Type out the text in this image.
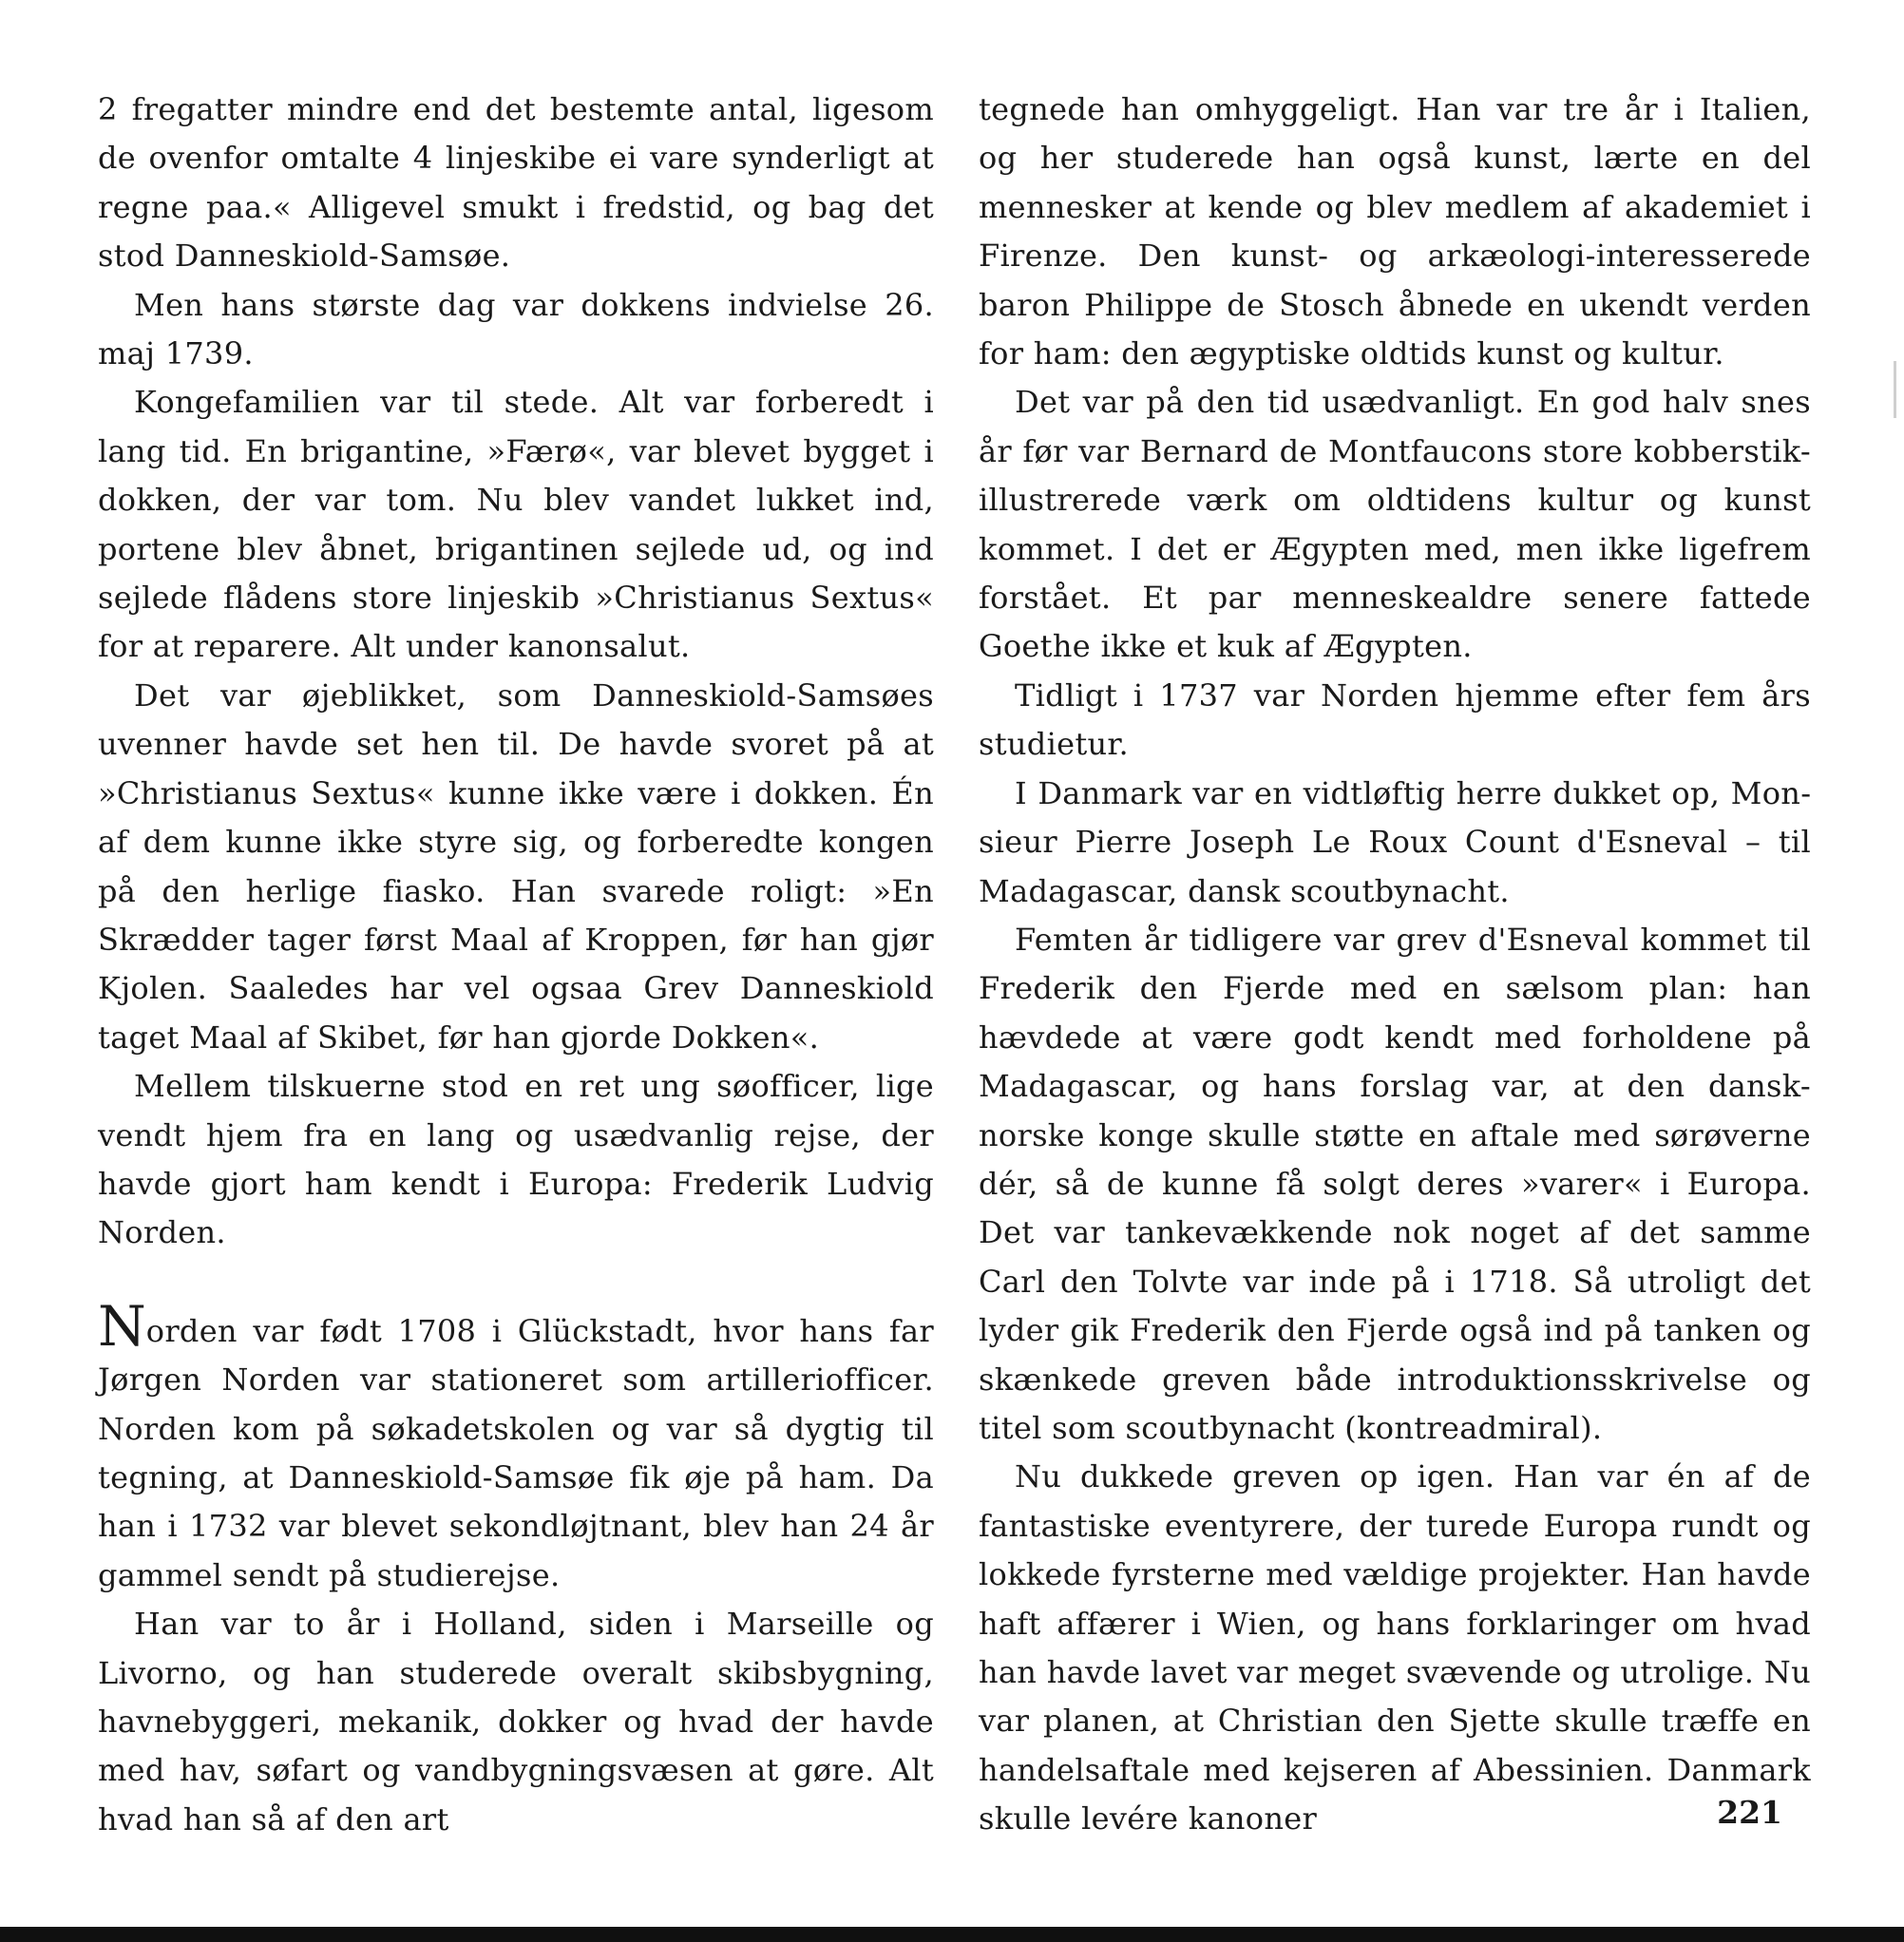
2 fregatter mindre end det bestemte antal, ligesom de ovenfor omtalte 4 linjeskibe ei vare synderligt at regne paa.« Alligevel smukt i fredstid, og bag det stod Danneskiold-Samsøe.

Men hans største dag var dokkens indvielse 26. maj 1739.

Kongefamilien var til stede. Alt var forberedt i lang tid. En brigantine, »Færø«, var blevet bygget i dokken, der var tom. Nu blev vandet lukket ind, portene blev åbnet, brigantinen sejlede ud, og ind sejlede flådens store linjeskib »Christianus Sextus« for at reparere. Alt under kanonsalut.

Det var øjeblikket, som Danneskiold-Samsøes uvenner havde set hen til. De havde svoret på at »Christianus Sextus« kunne ikke være i dokken. Én af dem kunne ikke styre sig, og forberedte kongen på den herlige fiasko. Han svarede roligt: »En Skrædder tager først Maal af Kroppen, før han gjør Kjolen. Saaledes har vel ogsaa Grev Danneskiold taget Maal af Skibet, før han gjorde Dokken«.

Mellem tilskuerne stod en ret ung søofficer, lige vendt hjem fra en lang og usædvanlig rejse, der havde gjort ham kendt i Europa: Frederik Ludvig Norden.

Norden var født 1708 i Glückstadt, hvor hans far Jørgen Norden var stationeret som artilleriofficer. Norden kom på søkadetskolen og var så dygtig til tegning, at Danneskiold-Samsøe fik øje på ham. Da han i 1732 var blevet sekondløjtnant, blev han 24 år gammel sendt på studierejse.

Han var to år i Holland, siden i Marseille og Livorno, og han studerede overalt skibsbygning, havnebyggeri, mekanik, dokker og hvad der havde med hav, søfart og vandbygningsvæsen at gøre. Alt hvad han så af den art

tegnede han omhyggeligt. Han var tre år i Italien, og her studerede han også kunst, lærte en del mennesker at kende og blev medlem af akademiet i Firenze. Den kunst- og arkæologi-interesserede baron Philippe de Stosch åbnede en ukendt verden for ham: den ægyptiske oldtids kunst og kultur.

Det var på den tid usædvanligt. En god halv snes år før var Bernard de Montfaucons store kobberstik-illustrerede værk om oldtidens kultur og kunst kommet. I det er Ægypten med, men ikke ligefrem forstået. Et par menneskealdre senere fattede Goethe ikke et kuk af Ægypten.

Tidligt i 1737 var Norden hjemme efter fem års studietur.

I Danmark var en vidtløftig herre dukket op, Monsieur Pierre Joseph Le Roux Count d'Esneval – til Madagascar, dansk scoutbynacht.

Femten år tidligere var grev d'Esneval kommet til Frederik den Fjerde med en sælsom plan: han hævdede at være godt kendt med forholdene på Madagascar, og hans forslag var, at den dansk-norske konge skulle støtte en aftale med sørøverne dér, så de kunne få solgt deres »varer« i Europa. Det var tankevækkende nok noget af det samme Carl den Tolvte var inde på i 1718. Så utroligt det lyder gik Frederik den Fjerde også ind på tanken og skænkede greven både introduktionsskrivelse og titel som scoutbynacht (kontreadmiral).

Nu dukkede greven op igen. Han var én af de fantastiske eventyrere, der turede Europa rundt og lokkede fyrsterne med vældige projekter. Han havde haft affærer i Wien, og hans forklaringer om hvad han havde lavet var meget svævende og utrolige. Nu var planen, at Christian den Sjette skulle træffe en handelsaftale med kejseren af Abessinien. Danmark skulle levére kanoner	221
